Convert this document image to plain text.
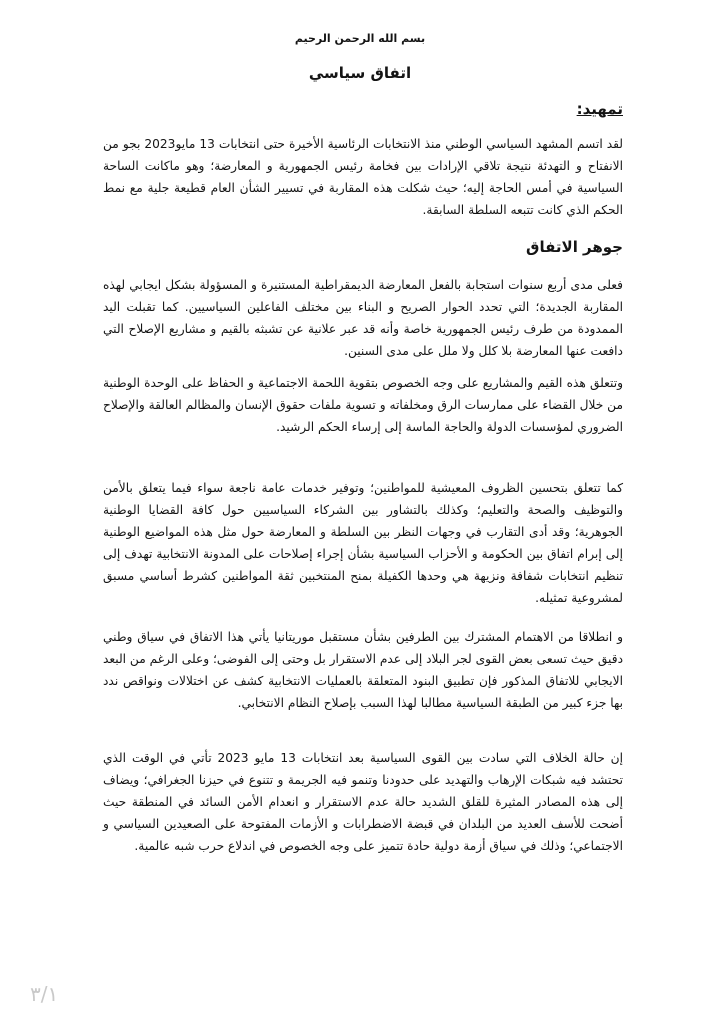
بسم الله الرحمن الرحيم
اتفاق سياسي
تمهيد:

لقد اتسم المشهد السياسي الوطني منذ الانتخابات الرئاسية الأخيرة حتى انتخابات 13 مايو2023 بجو من الانفتاح و التهدئة نتيجة تلاقي الإرادات بين فخامة رئيس الجمهورية و المعارضة؛ وهو ماكانت الساحة السياسية في أمس الحاجة إليه؛ حيث شكلت هذه المقاربة في تسيير الشأن العام قطيعة جلية مع نمط الحكم الذي كانت تتبعه السلطة السابقة.

جوهر الاتفاق

فعلى مدى أربع سنوات استجابة بالفعل المعارضة الديمقراطية المستنيرة و المسؤولة بشكل ايجابي لهذه المقاربة الجديدة؛ التي تحدد الحوار الصريح و البناء بين مختلف الفاعلين السياسيين. كما تقبلت اليد الممدودة من طرف رئيس الجمهورية خاصة وأنه قد عبر علانية عن تشبثه بالقيم و مشاريع الإصلاح التي دافعت عنها المعارضة بلا كلل ولا ملل على مدى السنين.

وتتعلق هذه القيم والمشاريع على وجه الخصوص بتقوية اللحمة الاجتماعية و الحفاظ على الوحدة الوطنية من خلال القضاء على ممارسات الرق ومخلفاته و تسوية ملفات حقوق الإنسان والمظالم العالقة والإصلاح الضروري لمؤسسات الدولة والحاجة الماسة إلى إرساء الحكم الرشيد.

كما تتعلق بتحسين الظروف المعيشية للمواطنين؛ وتوفير خدمات عامة ناجعة سواء فيما يتعلق بالأمن والتوظيف والصحة والتعليم؛ وكذلك بالتشاور بين الشركاء السياسيين حول كافة القضايا الوطنية الجوهرية؛ وقد أدى التقارب في وجهات النظر بين السلطة و المعارضة حول مثل هذه المواضيع الوطنية إلى إبرام اتفاق بين الحكومة و الأحزاب السياسية بشأن إجراء إصلاحات على المدونة الانتخابية تهدف إلى تنظيم انتخابات شفافة ونزيهة هي وحدها الكفيلة بمنح المنتخبين ثقة المواطنين كشرط أساسي مسبق لمشروعية تمثيله.

و انطلاقا من الاهتمام المشترك بين الطرفين بشأن مستقبل موريتانيا يأتي هذا الاتفاق في سياق وطني دقيق حيث تسعى بعض القوى لجر البلاد إلى عدم الاستقرار بل وحتى إلى الفوضى؛ وعلى الرغم من البعد الايجابي للاتفاق المذكور فإن تطبيق البنود المتعلقة بالعمليات الانتخابية كشف عن اختلالات ونواقص ندد بها جزء كبير من الطبقة السياسية مطالبا لهذا السبب بإصلاح النظام الانتخابي.

إن حالة الخلاف التي سادت بين القوى السياسية بعد انتخابات 13 مايو 2023 تأتي في الوقت الذي تحتشد فيه شبكات الإرهاب والتهديد على حدودنا وتنمو فيه الجريمة و تتنوع في حيزنا الجغرافي؛ ويضاف إلى هذه المصادر المثيرة للقلق الشديد حالة عدم الاستقرار و انعدام الأمن السائد في المنطقة حيث أضحت للأسف العديد من البلدان في قبضة الاضطرابات و الأزمات المفتوحة على الصعيدين السياسي و الاجتماعي؛ وذلك في سياق أزمة دولية حادة تتميز على وجه الخصوص في اندلاع حرب شبه عالمية.

٣/١
